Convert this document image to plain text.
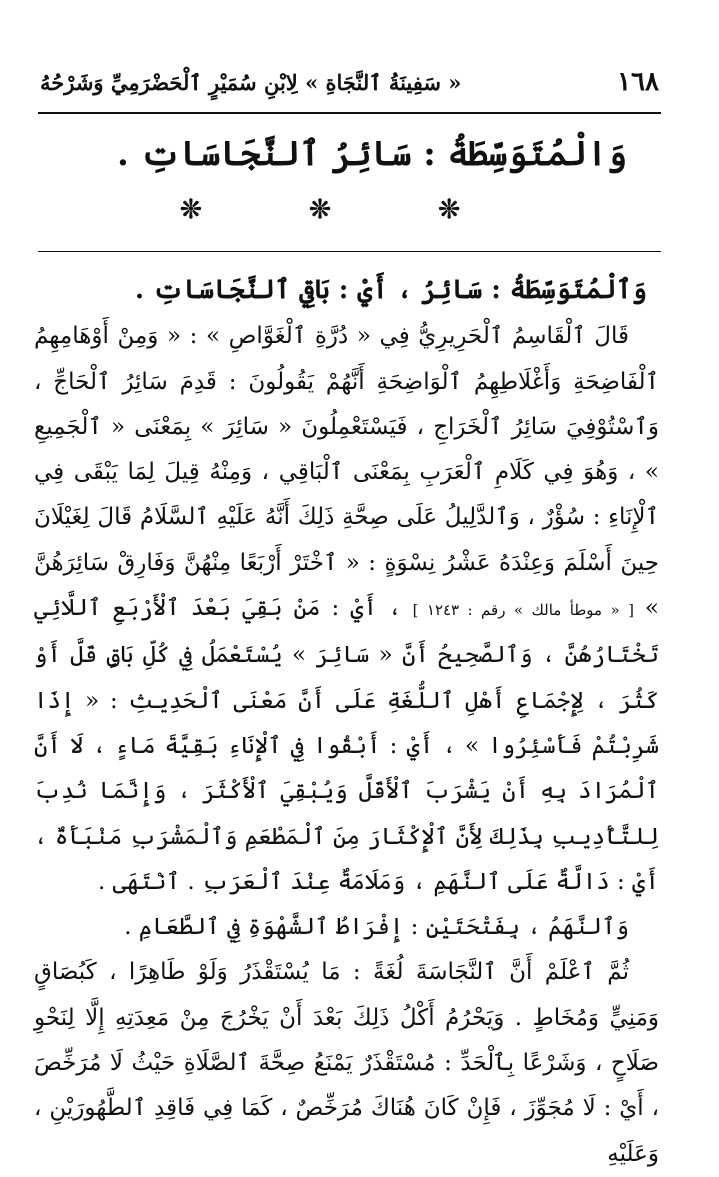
١٦٨
« سَفِينَةُ ٱلنَّجَاةِ » لِابْنِ سُمَيْرٍ ٱلْحَضْرَمِيِّ وَشَرْحُهُ
وَالْمُتَوَسِّطَةُ : سَائِرُ ٱلنَّجَاسَاتِ .
❊
❊
❊

وَٱلْمُتَوَسِّطَةُ : سَائِرُ ، أَيْ : بَاقِي ٱلنَّجَاسَاتِ .

قَالَ ٱلْقَاسِمُ ٱلْحَرِيرِيُّ فِي « دُرَّةِ ٱلْغَوَّاصِ » : « وَمِنْ أَوْهَامِهِمُ ٱلْفَاضِحَةِ وَأَغْلَاطِهِمُ ٱلْوَاضِحَةِ أَنَّهُمْ يَقُولُونَ : قَدِمَ سَائِرُ ٱلْحَاجِّ ، وَٱسْتُوْفِيَ سَائِرُ ٱلْخَرَاجِ ، فَيَسْتَعْمِلُونَ « سَائِرَ » بِمَعْنَى « ٱلْجَمِيعِ » ، وَهُوَ فِي كَلَامِ ٱلْعَرَبِ بِمَعْنَى ٱلْبَاقِي ، وَمِنْهُ قِيلَ لِمَا يَبْقَى فِي ٱلْإِنَاءِ : سُؤْرٌ ، وَٱلدَّلِيلُ عَلَى صِحَّةِ ذَلِكَ أَنَّهُ عَلَيْهِ ٱلسَّلَامُ قَالَ لِغَيْلَانَ حِينَ أَسْلَمَ وَعِنْدَهُ عَشْرُ نِسْوَةٍ : « ٱخْتَرْ أَرْبَعًا مِنْهُنَّ وَفَارِقْ سَائِرَهُنَّ » [ « موطأ مالك » رقم : ١٢٤٣ ] ، أَيْ : مَنْ بَقِيَ بَعْدَ ٱلْأَرْبَعِ ٱللَّائِي تَخْتَارُهُنَّ ، وَٱلصَّحِيحُ أَنَّ « سَائِرَ » يُسْتَعْمَلُ فِي كُلِّ بَاقٍ قَلَّ أَوْ كَثُرَ ، لِإِجْمَاعِ أَهْلِ ٱللُّغَةِ عَلَى أَنَّ مَعْنَى ٱلْحَدِيثِ : « إِذَا شَرِبْتُمْ فَأَسْئِرُوا » ، أَيْ : أَبْقُوا فِي ٱلْإِنَاءِ بَقِيَّةَ مَاءٍ ، لَا أَنَّ ٱلْمُرَادَ بِهِ أَنْ يَشْرَبَ ٱلْأَقَلَّ وَيُبْقِيَ ٱلْأَكْثَرَ ، وَإِنَّمَا نُدِبَ لِلتَّأْدِيبِ بِذَلِكَ لِأَنَّ ٱلْإِكْثَارَ مِنَ ٱلْمَطْعَمِ وَٱلْمَشْرَبِ مَنْبَأَةٌ ، أَيْ : دَالَّةٌ عَلَى ٱلنَّهَمِ ، وَمَلَامَةٌ عِنْدَ ٱلْعَرَبِ . ٱنْتَهَى .

وَٱلنَّهَمُ ، بِفَتْحَتَيْنِ : إِفْرَاطُ ٱلشَّهْوَةِ فِي ٱلطَّعَامِ .

ثُمَّ ٱعْلَمْ أَنَّ ٱلنَّجَاسَةَ لُغَةً : مَا يُسْتَقْذَرُ وَلَوْ طَاهِرًا ، كَبُصَاقٍ وَمَنِيٍّ وَمُخَاطٍ . وَيَحْرُمُ أَكْلُ ذَلِكَ بَعْدَ أَنْ يَخْرُجَ مِنْ مَعِدَتِهِ إِلَّا لِنَحْوِ صَلَاحٍ ، وَشَرْعًا بِٱلْحَدِّ : مُسْتَقْذَرٌ يَمْنَعُ صِحَّةَ ٱلصَّلَاةِ حَيْثُ لَا مُرَخِّصَ ، أَيْ : لَا مُجَوِّزَ ، فَإِنْ كَانَ هُنَاكَ مُرَخِّصٌ ، كَمَا فِي فَاقِدِ ٱلطَّهُورَيْنِ ، وَعَلَيْهِ
